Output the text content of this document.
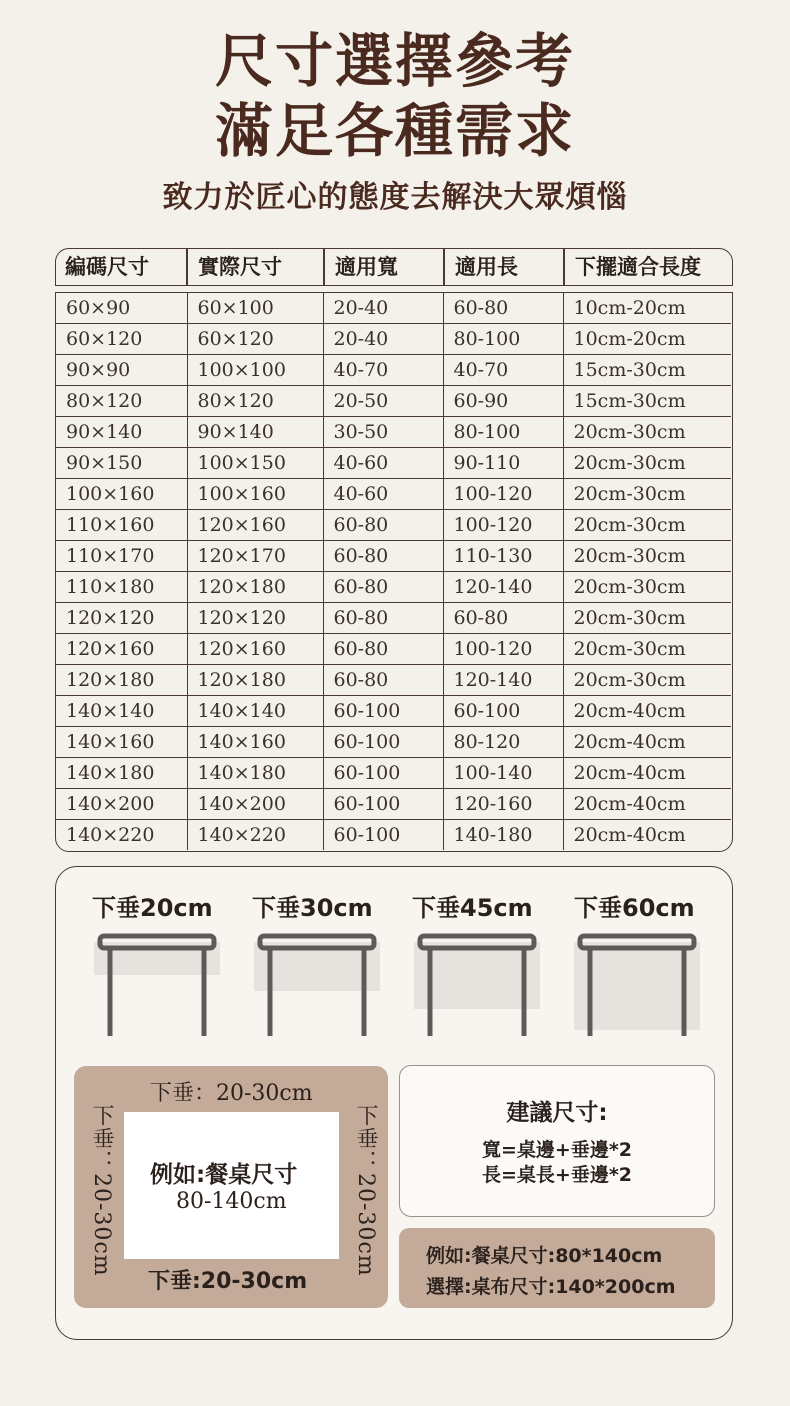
尺寸選擇參考
滿足各種需求
致力於匠心的態度去解決大眾煩惱
編碼尺寸	實際尺寸	適用寬	適用長	下擺適合長度
60×90	60×100	20-40	60-80	10cm-20cm
60×120	60×120	20-40	80-100	10cm-20cm
90×90	100×100	40-70	40-70	15cm-30cm
80×120	80×120	20-50	60-90	15cm-30cm
90×140	90×140	30-50	80-100	20cm-30cm
90×150	100×150	40-60	90-110	20cm-30cm
100×160	100×160	40-60	100-120	20cm-30cm
110×160	120×160	60-80	100-120	20cm-30cm
110×170	120×170	60-80	110-130	20cm-30cm
110×180	120×180	60-80	120-140	20cm-30cm
120×120	120×120	60-80	60-80	20cm-30cm
120×160	120×160	60-80	100-120	20cm-30cm
120×180	120×180	60-80	120-140	20cm-30cm
140×140	140×140	60-100	60-100	20cm-40cm
140×160	140×160	60-100	80-120	20cm-40cm
140×180	140×180	60-100	100-140	20cm-40cm
140×200	140×200	60-100	120-160	20cm-40cm
140×220	140×220	60-100	140-180	20cm-40cm
下垂20cm 下垂30cm 下垂45cm 下垂60cm
下垂：20-30cm
下垂：20-30cm	下垂：20-30cm
下垂:20-30cm
例如:餐桌尺寸
80-140cm
建議尺寸:
寬=桌邊+垂邊*2
長=桌長+垂邊*2
例如:餐桌尺寸:80*140cm
選擇:桌布尺寸:140*200cm
